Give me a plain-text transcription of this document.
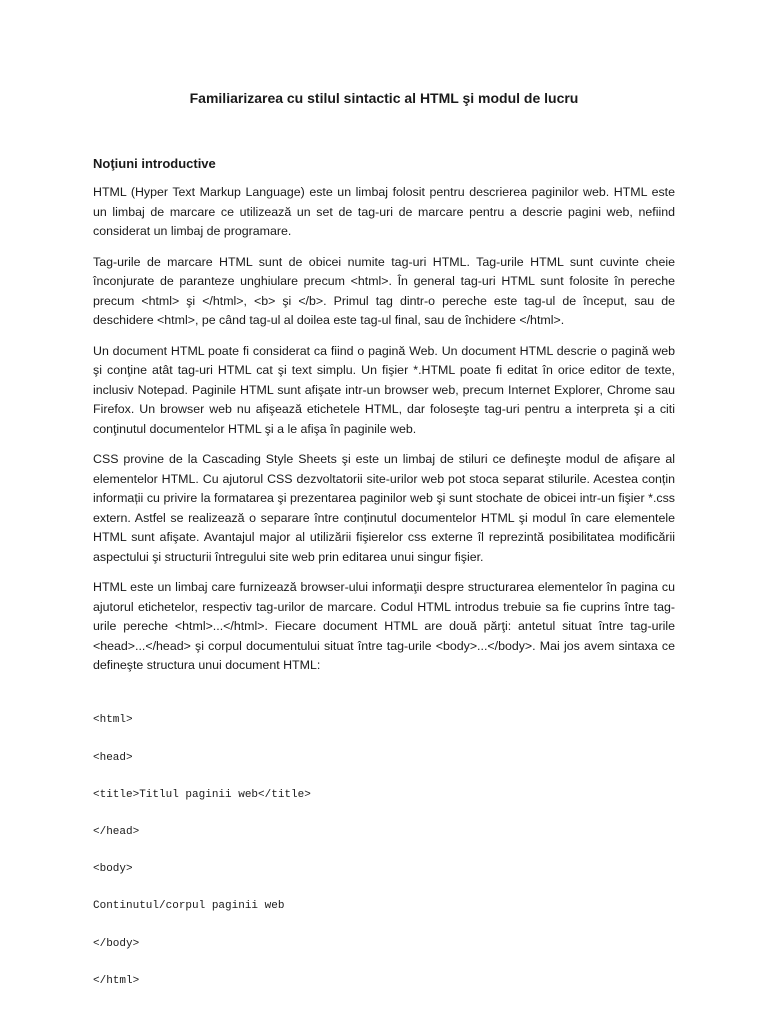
Familiarizarea cu stilul sintactic al HTML şi modul de lucru
Noţiuni introductive

HTML (Hyper Text Markup Language) este un limbaj folosit pentru descrierea paginilor web. HTML este un limbaj de marcare ce utilizează un set de tag-uri de marcare pentru a descrie pagini web, nefiind considerat un limbaj de programare.

Tag-urile de marcare HTML sunt de obicei numite tag-uri HTML. Tag-urile HTML sunt cuvinte cheie înconjurate de paranteze unghiulare precum <html>. În general tag-uri HTML sunt folosite în pereche precum <html> şi </html>, <b> şi </b>. Primul tag dintr-o pereche este tag-ul de început, sau de deschidere <html>, pe când tag-ul al doilea este tag-ul final, sau de închidere </html>.

Un document HTML poate fi considerat ca fiind o pagină Web. Un document HTML descrie o pagină web şi conţine atât tag-uri HTML cat şi text simplu. Un fişier *.HTML poate fi editat în orice editor de texte, inclusiv Notepad. Paginile HTML sunt afişate intr-un browser web, precum Internet Explorer, Chrome sau Firefox. Un browser web nu afişează etichetele HTML, dar foloseşte tag-uri pentru a interpreta şi a citi conţinutul documentelor HTML şi a le afişa în paginile web.

CSS provine de la Cascading Style Sheets şi este un limbaj de stiluri ce defineşte modul de afişare al elementelor HTML. Cu ajutorul CSS dezvoltatorii site-urilor web pot stoca separat stilurile. Acestea conțin informații cu privire la formatarea şi prezentarea paginilor web şi sunt stochate de obicei intr-un fişier *.css extern. Astfel se realizează o separare între conținutul documentelor HTML şi modul în care elementele HTML sunt afişate. Avantajul major al utilizării fişierelor css externe îl reprezintă posibilitatea modificării aspectului şi structurii întregului site web prin editarea unui singur fişier.

HTML este un limbaj care furnizează browser-ului informaţii despre structurarea elementelor în pagina cu ajutorul etichetelor, respectiv tag-urilor de marcare. Codul HTML introdus trebuie sa fie cuprins între tag-urile pereche <html>...</html>. Fiecare document HTML are două părţi: antetul situat între tag-urile <head>...</head> şi corpul documentului situat între tag-urile <body>...</body>. Mai jos avem sintaxa ce defineşte structura unui document HTML:

<html>

<head>

<title>Titlul paginii web</title>

</head>

<body>

Continutul/corpul paginii web

</body>

</html>
